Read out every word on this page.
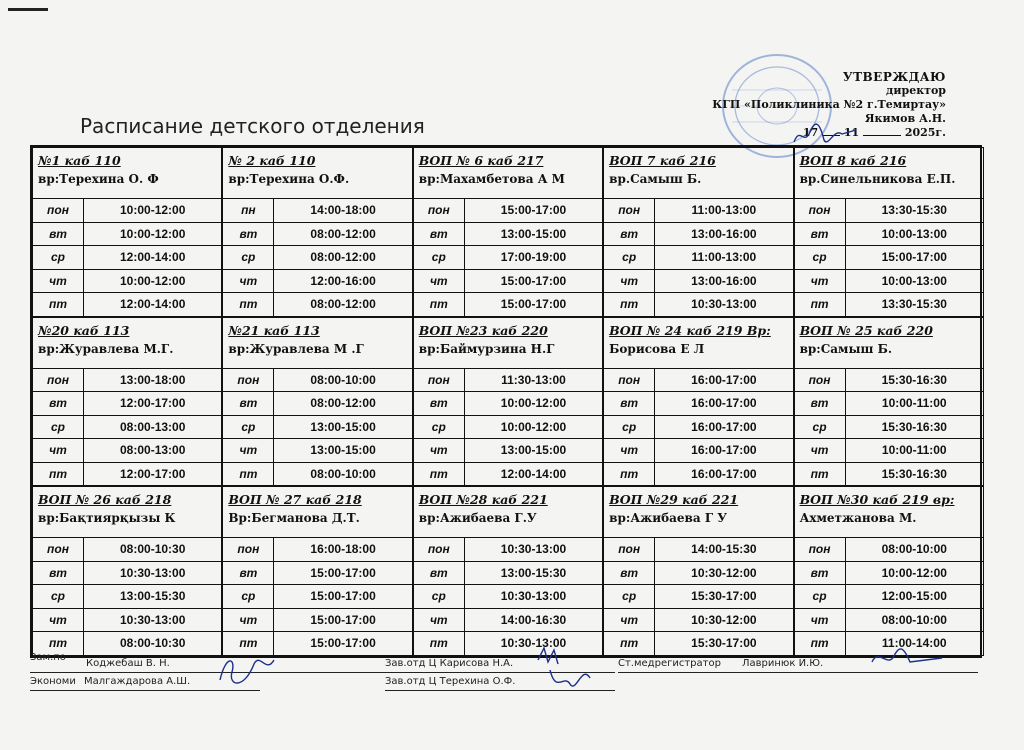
УТВЕРЖДАЮ
директор
КГП «Поликлиника №2 г.Темиртау»
Якимов А.Н.
17 11	2025г.
Расписание детского отделения
№1 каб 110
вр:Терехина О. Ф
пон	10:00-12:00
вт	10:00-12:00
ср	12:00-14:00
чт	10:00-12:00
пт	12:00-14:00
№ 2 каб 110
вр:Терехина О.Ф.
пн	14:00-18:00
вт	08:00-12:00
ср	08:00-12:00
чт	12:00-16:00
пт	08:00-12:00
ВОП № 6 каб 217
вр:Махамбетова А М
пон	15:00-17:00
вт	13:00-15:00
ср	17:00-19:00
чт	15:00-17:00
пт	15:00-17:00
ВОП 7 каб 216
вр.Самыш Б.
пон	11:00-13:00
вт	13:00-16:00
ср	11:00-13:00
чт	13:00-16:00
пт	10:30-13:00
ВОП 8 каб 216
вр.Синельникова Е.П.
пон	13:30-15:30
вт	10:00-13:00
ср	15:00-17:00
чт	10:00-13:00
пт	13:30-15:30
№20 каб 113
вр:Журавлева М.Г.
пон	13:00-18:00
вт	12:00-17:00
ср	08:00-13:00
чт	08:00-13:00
пт	12:00-17:00
№21 каб 113
вр:Журавлева М .Г
пон	08:00-10:00
вт	08:00-12:00
ср	13:00-15:00
чт	13:00-15:00
пт	08:00-10:00
ВОП №23 каб 220
вр:Баймурзина Н.Г
пон	11:30-13:00
вт	10:00-12:00
ср	10:00-12:00
чт	13:00-15:00
пт	12:00-14:00
ВОП № 24 каб 219 Вр:
Борисова Е Л
пон	16:00-17:00
вт	16:00-17:00
ср	16:00-17:00
чт	16:00-17:00
пт	16:00-17:00
ВОП № 25 каб 220
вр:Самыш Б.
пон	15:30-16:30
вт	10:00-11:00
ср	15:30-16:30
чт	10:00-11:00
пт	15:30-16:30
ВОП № 26 каб 218
вр:Бақтиярқызы К
пон	08:00-10:30
вт	10:30-13:00
ср	13:00-15:30
чт	10:30-13:00
пт	08:00-10:30
ВОП № 27 каб 218
Вр:Бегманова Д.Т.
пон	16:00-18:00
вт	15:00-17:00
ср	15:00-17:00
чт	15:00-17:00
пт	15:00-17:00
ВОП №28 каб 221
вр:Ажибаева Г.У
пон	10:30-13:00
вт	13:00-15:30
ср	10:30-13:00
чт	14:00-16:30
пт	10:30-13:00
ВОП №29 каб 221
вр:Ажибаева Г У
пон	14:00-15:30
вт	10:30-12:00
ср	15:30-17:00
чт	10:30-12:00
пт	15:30-17:00
ВОП №30 каб 219 вр:
Ахметжанова М.
пон	08:00-10:00
вт	10:00-12:00
ср	12:00-15:00
чт	08:00-10:00
пт	11:00-14:00
Зам.по
Коджебаш В. Н.
Экономи Малгаждарова А.Ш.
Зав.отд Ц Карисова Н.А.
Зав.отд Ц Терехина О.Ф.
Ст.медрегистратор Лавринюк И.Ю.
